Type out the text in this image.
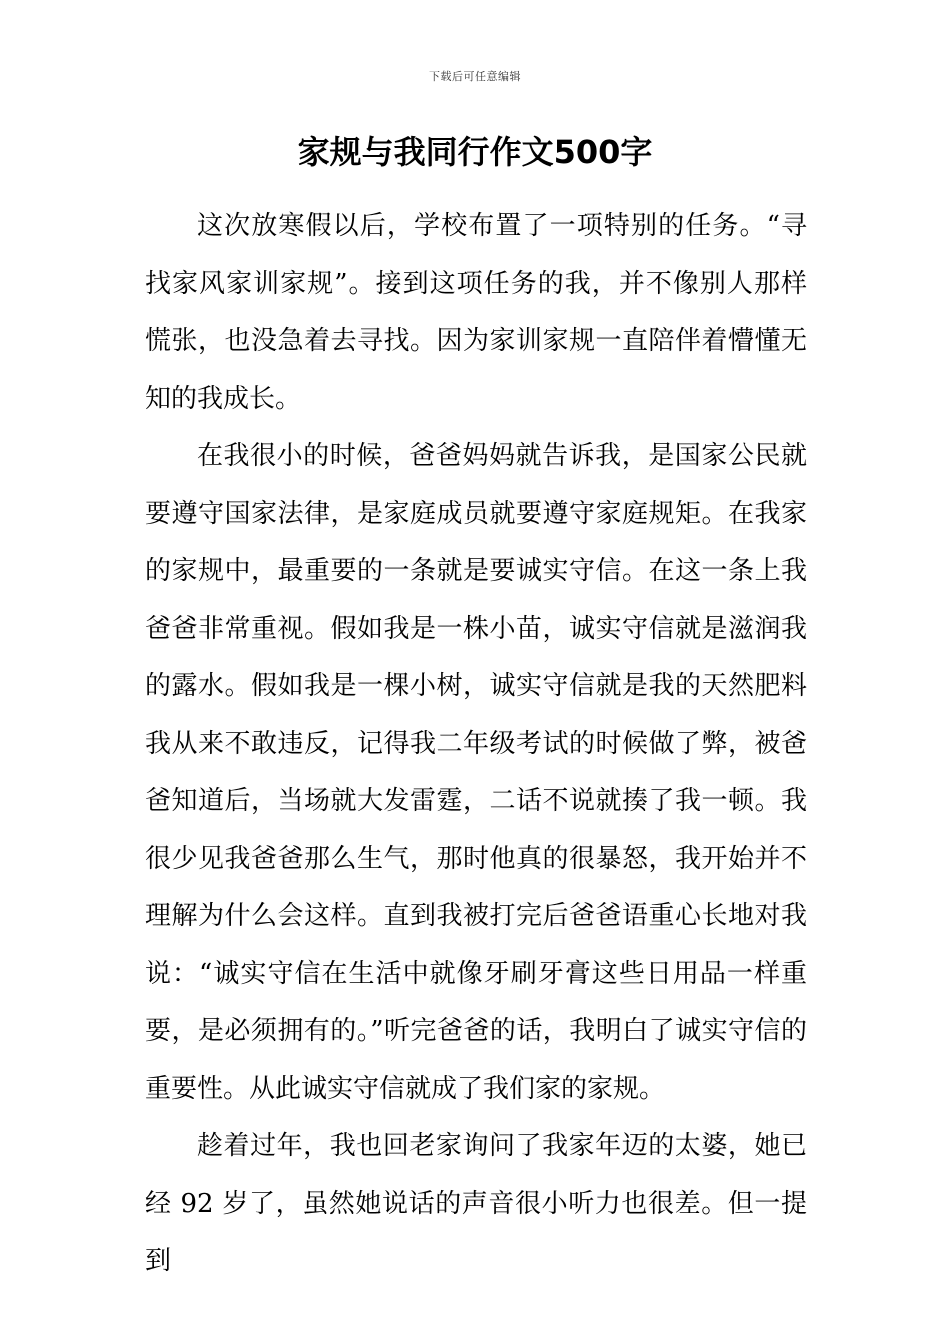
下载后可任意编辑
家规与我同行作文500字

这次放寒假以后，学校布置了一项特别的任务。“寻找家风家训家规”。接到这项任务的我，并不像别人那样慌张，也没急着去寻找。因为家训家规一直陪伴着懵懂无知的我成长。

在我很小的时候，爸爸妈妈就告诉我，是国家公民就要遵守国家法律，是家庭成员就要遵守家庭规矩。在我家的家规中，最重要的一条就是要诚实守信。在这一条上我爸爸非常重视。假如我是一株小苗，诚实守信就是滋润我的露水。假如我是一棵小树，诚实守信就是我的天然肥料我从来不敢违反，记得我二年级考试的时候做了弊，被爸爸知道后，当场就大发雷霆，二话不说就揍了我一顿。我很少见我爸爸那么生气，那时他真的很暴怒，我开始并不理解为什么会这样。直到我被打完后爸爸语重心长地对我说：“诚实守信在生活中就像牙刷牙膏这些日用品一样重要，是必须拥有的。”听完爸爸的话，我明白了诚实守信的重要性。从此诚实守信就成了我们家的家规。

趁着过年，我也回老家询问了我家年迈的太婆，她已经 92 岁了，虽然她说话的声音很小听力也很差。但一提到
